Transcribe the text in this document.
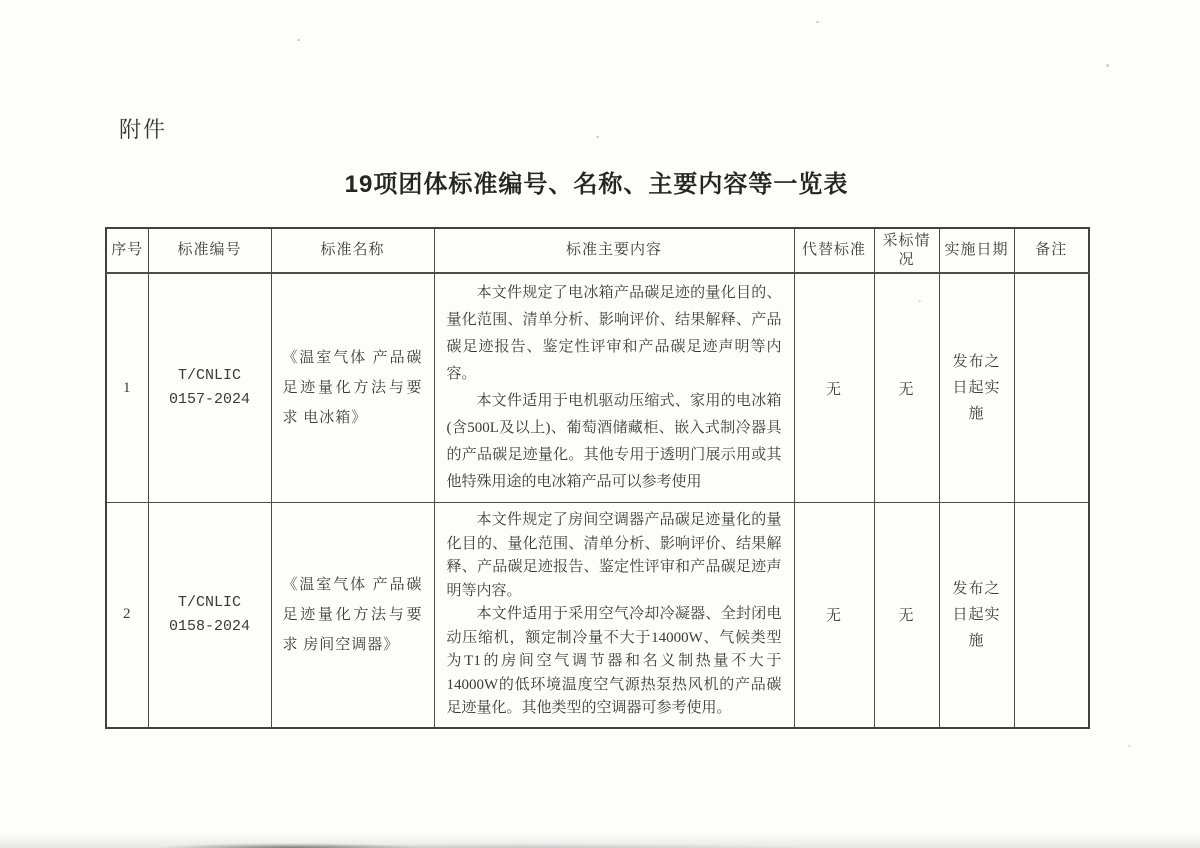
附件
19项团体标准编号、名称、主要内容等一览表
序号	标准编号	标准名称	标准主要内容	代替标准	采标情况	实施日期	备注
1	T/CNLIC 0157-2024	《温室气体 产品碳足迹量化方法与要求 电冰箱》	本文件规定了电冰箱产品碳足迹的量化目的、量化范围、清单分析、影响评价、结果解释、产品碳足迹报告、鉴定性评审和产品碳足迹声明等内容。

本文件适用于电机驱动压缩式、家用的电冰箱(含500L及以上)、葡萄酒储藏柜、嵌入式制冷器具的产品碳足迹量化。其他专用于透明门展示用或其他特殊用途的电冰箱产品可以参考使用	无	无	发布之日起实施	
2	T/CNLIC 0158-2024	《温室气体 产品碳足迹量化方法与要求 房间空调器》	本文件规定了房间空调器产品碳足迹量化的量化目的、量化范围、清单分析、影响评价、结果解释、产品碳足迹报告、鉴定性评审和产品碳足迹声明等内容。

本文件适用于采用空气冷却冷凝器、全封闭电动压缩机，额定制冷量不大于14000W、气候类型为T1的房间空气调节器和名义制热量不大于14000W的低环境温度空气源热泵热风机的产品碳足迹量化。其他类型的空调器可参考使用。	无	无	发布之日起实施	
